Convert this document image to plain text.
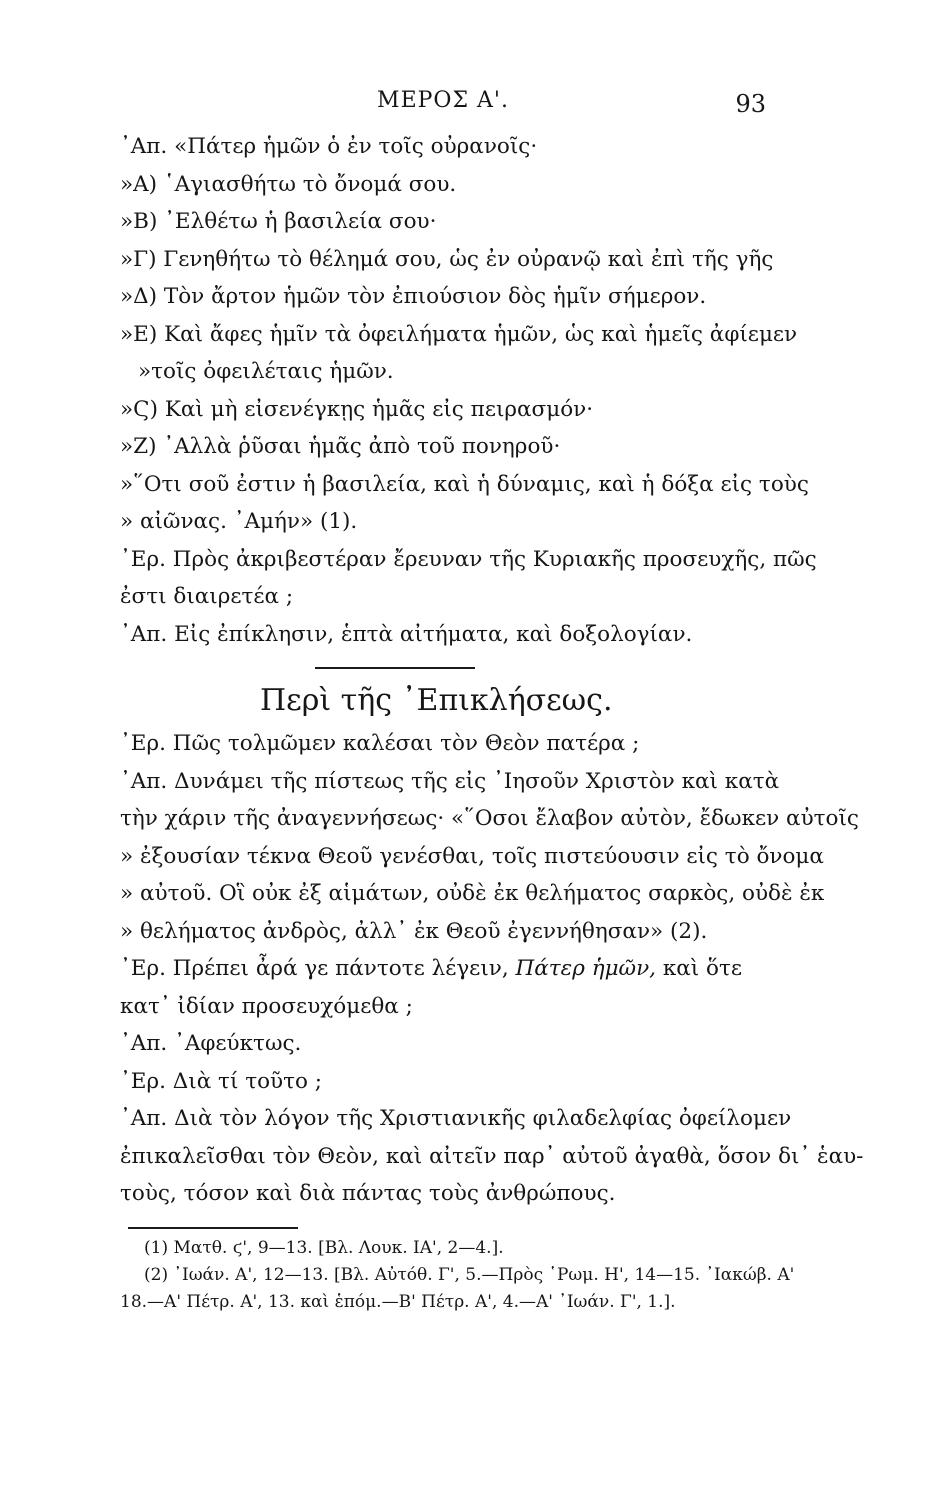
ΜΕΡΟΣ Α'.	93
᾽Απ. «Πάτερ ἡμῶν ὁ ἐν τοῖς οὐρανοῖς·
»Α) ῾Αγιασθήτω τὸ ὄνομά σου.
»Β) ᾽Ελθέτω ἡ βασιλεία σου·
»Γ) Γενηθήτω τὸ θέλημά σου, ὡς ἐν οὐρανῷ καὶ ἐπὶ τῆς γῆς
»Δ) Τὸν ἄρτον ἡμῶν τὸν ἐπιούσιον δὸς ἡμῖν σήμερον.
»Ε) Καὶ ἄφες ἡμῖν τὰ ὀφειλήματα ἡμῶν, ὡς καὶ ἡμεῖς ἀφίεμεν
»τοῖς ὀφειλέταις ἡμῶν.
»Ϛ) Καὶ μὴ εἰσενέγκῃς ἡμᾶς εἰς πειρασμόν·
»Ζ) ᾽Αλλὰ ῥῦσαι ἡμᾶς ἀπὸ τοῦ πονηροῦ·
»῞Οτι σοῦ ἐστιν ἡ βασιλεία, καὶ ἡ δύναμις, καὶ ἡ δόξα εἰς τοὺς
» αἰῶνας. ᾽Αμήν» (1).
᾽Ερ. Πρὸς ἀκριβεστέραν ἔρευναν τῆς Κυριακῆς προσευχῆς, πῶς
ἐστι διαιρετέα ;
᾽Απ. Εἰς ἐπίκλησιν, ἑπτὰ αἰτήματα, καὶ δοξολογίαν.
Περὶ τῆς ᾽Επικλήσεως.
᾽Ερ. Πῶς τολμῶμεν καλέσαι τὸν Θεὸν πατέρα ;
᾽Απ. Δυνάμει τῆς πίστεως τῆς εἰς ᾽Ιησοῦν Χριστὸν καὶ κατὰ
τὴν χάριν τῆς ἀναγεννήσεως· «῞Οσοι ἔλαβον αὐτὸν, ἔδωκεν αὐτοῖς
» ἐξουσίαν τέκνα Θεοῦ γενέσθαι, τοῖς πιστεύουσιν εἰς τὸ ὄνομα
» αὐτοῦ. Οἳ οὐκ ἐξ αἱμάτων, οὐδὲ ἐκ θελήματος σαρκὸς, οὐδὲ ἐκ
» θελήματος ἀνδρὸς, ἀλλ᾽ ἐκ Θεοῦ ἐγεννήθησαν» (2).
᾽Ερ. Πρέπει ἆρά γε πάντοτε λέγειν, Πάτερ ἡμῶν, καὶ ὅτε
κατ᾽ ἰδίαν προσευχόμεθα ;
᾽Απ. ᾽Αφεύκτως.
᾽Ερ. Διὰ τί τοῦτο ;
᾽Απ. Διὰ τὸν λόγον τῆς Χριστιανικῆς φιλαδελφίας ὀφείλομεν
ἐπικαλεῖσθαι τὸν Θεὸν, καὶ αἰτεῖν παρ᾽ αὐτοῦ ἀγαθὰ, ὅσον δι᾽ ἑαυ-
τοὺς, τόσον καὶ διὰ πάντας τοὺς ἀνθρώπους.
(1) Ματθ. ϛ', 9—13. [Βλ. Λουκ. ΙΑ', 2—4.].
(2) ᾽Ιωάν. Α', 12—13. [Βλ. Αὐτόθ. Γ', 5.—Πρὸς ῾Ρωμ. Η', 14—15. ᾽Ιακώβ. Α'
18.—Α' Πέτρ. Α', 13. καὶ ἑπόμ.—Β' Πέτρ. Α', 4.—Α' ᾽Ιωάν. Γ', 1.].
